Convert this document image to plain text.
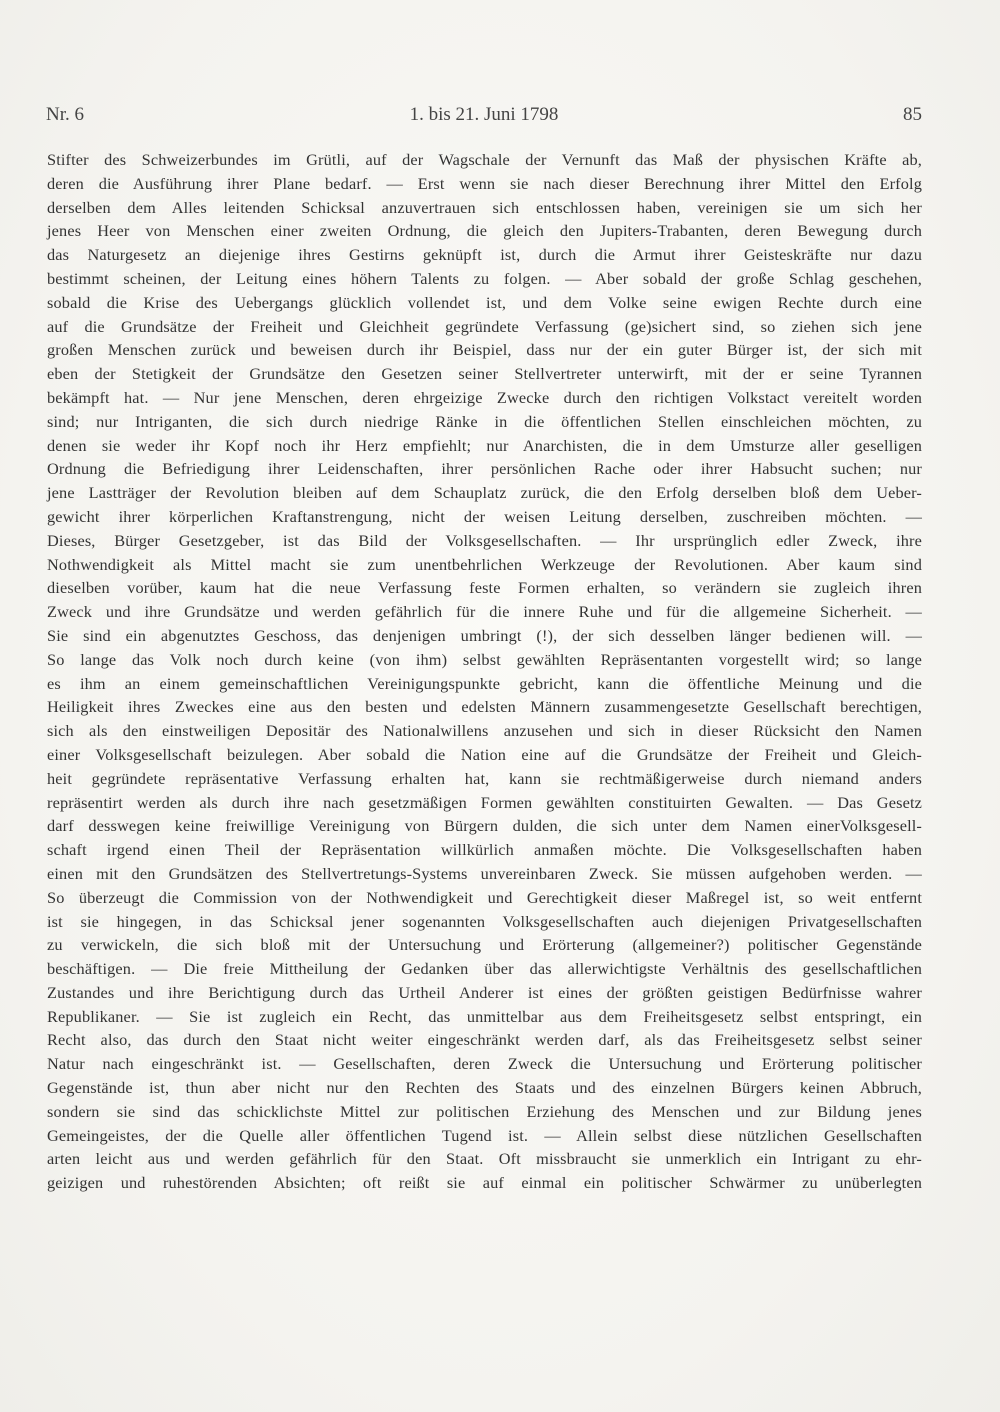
Nr. 6	1. bis 21. Juni 1798	85
Stifter des Schweizerbundes im Grütli, auf der Wagschale der Vernunft das Maß der physischen Kräfte ab,
deren die Ausführung ihrer Plane bedarf. — Erst wenn sie nach dieser Berechnung ihrer Mittel den Erfolg
derselben dem Alles leitenden Schicksal anzuvertrauen sich entschlossen haben, vereinigen sie um sich her
jenes Heer von Menschen einer zweiten Ordnung, die gleich den Jupiters-Trabanten, deren Bewegung durch
das Naturgesetz an diejenige ihres Gestirns geknüpft ist, durch die Armut ihrer Geisteskräfte nur dazu
bestimmt scheinen, der Leitung eines höhern Talents zu folgen. — Aber sobald der große Schlag geschehen,
sobald die Krise des Uebergangs glücklich vollendet ist, und dem Volke seine ewigen Rechte durch eine
auf die Grundsätze der Freiheit und Gleichheit gegründete Verfassung (ge)sichert sind, so ziehen sich jene
großen Menschen zurück und beweisen durch ihr Beispiel, dass nur der ein guter Bürger ist, der sich mit
eben der Stetigkeit der Grundsätze den Gesetzen seiner Stellvertreter unterwirft, mit der er seine Tyrannen
bekämpft hat. — Nur jene Menschen, deren ehrgeizige Zwecke durch den richtigen Volkstact vereitelt worden
sind; nur Intriganten, die sich durch niedrige Ränke in die öffentlichen Stellen einschleichen möchten, zu
denen sie weder ihr Kopf noch ihr Herz empfiehlt; nur Anarchisten, die in dem Umsturze aller geselligen
Ordnung die Befriedigung ihrer Leidenschaften, ihrer persönlichen Rache oder ihrer Habsucht suchen; nur
jene Lastträger der Revolution bleiben auf dem Schauplatz zurück, die den Erfolg derselben bloß dem Ueber-
gewicht ihrer körperlichen Kraftanstrengung, nicht der weisen Leitung derselben, zuschreiben möchten. —
Dieses, Bürger Gesetzgeber, ist das Bild der Volksgesellschaften. — Ihr ursprünglich edler Zweck, ihre
Nothwendigkeit als Mittel macht sie zum unentbehrlichen Werkzeuge der Revolutionen. Aber kaum sind
dieselben vorüber, kaum hat die neue Verfassung feste Formen erhalten, so verändern sie zugleich ihren
Zweck und ihre Grundsätze und werden gefährlich für die innere Ruhe und für die allgemeine Sicherheit. —
Sie sind ein abgenutztes Geschoss, das denjenigen umbringt (!), der sich desselben länger bedienen will. —
So lange das Volk noch durch keine (von ihm) selbst gewählten Repräsentanten vorgestellt wird; so lange
es ihm an einem gemeinschaftlichen Vereinigungspunkte gebricht, kann die öffentliche Meinung und die
Heiligkeit ihres Zweckes eine aus den besten und edelsten Männern zusammengesetzte Gesellschaft berechtigen,
sich als den einstweiligen Depositär des Nationalwillens anzusehen und sich in dieser Rücksicht den Namen
einer Volksgesellschaft beizulegen. Aber sobald die Nation eine auf die Grundsätze der Freiheit und Gleich-
heit gegründete repräsentative Verfassung erhalten hat, kann sie rechtmäßigerweise durch niemand anders
repräsentirt werden als durch ihre nach gesetzmäßigen Formen gewählten constituirten Gewalten. — Das Gesetz
darf desswegen keine freiwillige Vereinigung von Bürgern dulden, die sich unter dem Namen einerVolksgesell-
schaft irgend einen Theil der Repräsentation willkürlich anmaßen möchte. Die Volksgesellschaften haben
einen mit den Grundsätzen des Stellvertretungs-Systems unvereinbaren Zweck. Sie müssen aufgehoben werden. —
So überzeugt die Commission von der Nothwendigkeit und Gerechtigkeit dieser Maßregel ist, so weit entfernt
ist sie hingegen, in das Schicksal jener sogenannten Volksgesellschaften auch diejenigen Privatgesellschaften
zu verwickeln, die sich bloß mit der Untersuchung und Erörterung (allgemeiner?) politischer Gegenstände
beschäftigen. — Die freie Mittheilung der Gedanken über das allerwichtigste Verhältnis des gesellschaftlichen
Zustandes und ihre Berichtigung durch das Urtheil Anderer ist eines der größten geistigen Bedürfnisse wahrer
Republikaner. — Sie ist zugleich ein Recht, das unmittelbar aus dem Freiheitsgesetz selbst entspringt, ein
Recht also, das durch den Staat nicht weiter eingeschränkt werden darf, als das Freiheitsgesetz selbst seiner
Natur nach eingeschränkt ist. — Gesellschaften, deren Zweck die Untersuchung und Erörterung politischer
Gegenstände ist, thun aber nicht nur den Rechten des Staats und des einzelnen Bürgers keinen Abbruch,
sondern sie sind das schicklichste Mittel zur politischen Erziehung des Menschen und zur Bildung jenes
Gemeingeistes, der die Quelle aller öffentlichen Tugend ist. — Allein selbst diese nützlichen Gesellschaften
arten leicht aus und werden gefährlich für den Staat. Oft missbraucht sie unmerklich ein Intrigant zu ehr-
geizigen und ruhestörenden Absichten; oft reißt sie auf einmal ein politischer Schwärmer zu unüberlegten
